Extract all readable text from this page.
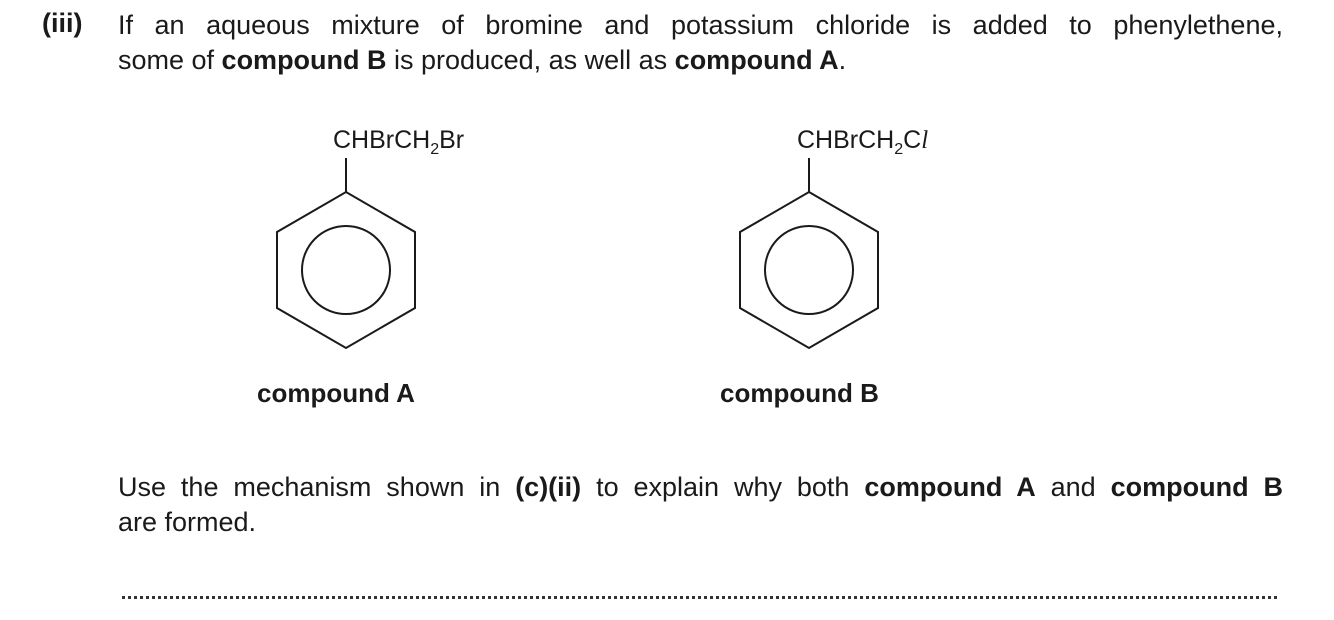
(iii) If an aqueous mixture of bromine and potassium chloride is added to phenylethene,
some of compound B is produced, as well as compound A.

CHBrCH$_2$Br
compound A
CHBrCH$_2$Cl
compound B

Use the mechanism shown in (c)(ii) to explain why both compound A and compound B
are formed.
